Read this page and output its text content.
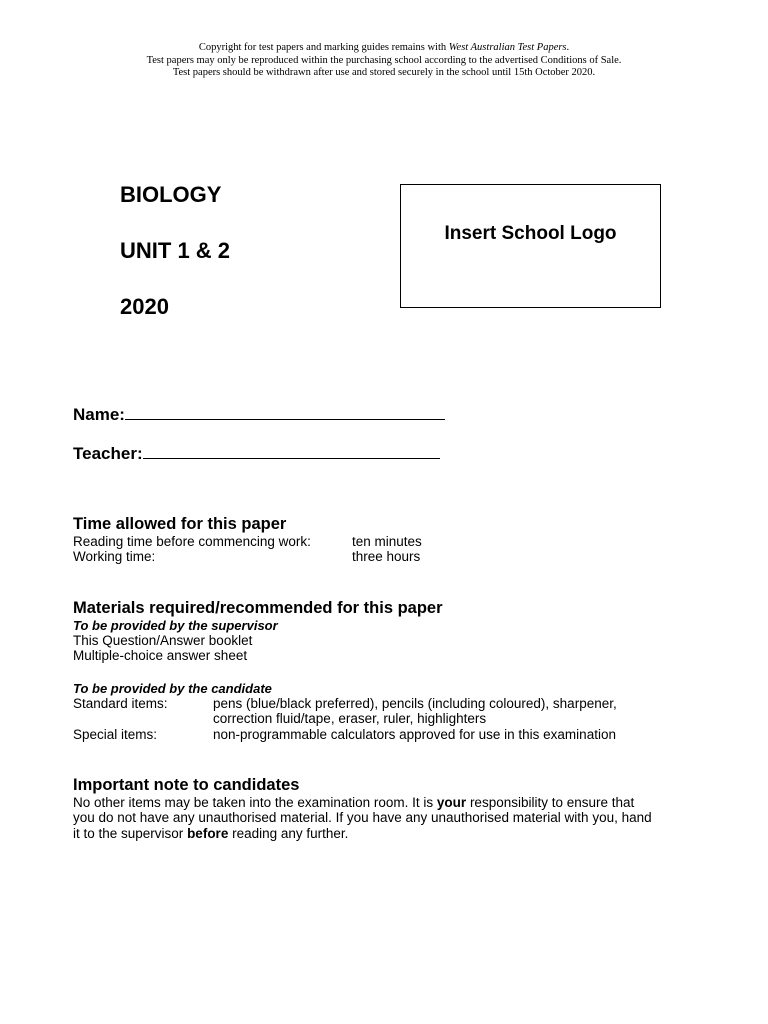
Copyright for test papers and marking guides remains with West Australian Test Papers.
Test papers may only be reproduced within the purchasing school according to the advertised Conditions of Sale.
Test papers should be withdrawn after use and stored securely in the school until 15th October 2020.
BIOLOGY
UNIT 1 & 2
2020
Insert School Logo
Name:
Teacher:
Time allowed for this paper
Reading time before commencing work:	ten minutes
Working time:	three hours
Materials required/recommended for this paper
To be provided by the supervisor
This Question/Answer booklet
Multiple-choice answer sheet
To be provided by the candidate
Standard items:	pens (blue/black preferred), pencils (including coloured), sharpener,
correction fluid/tape, eraser, ruler, highlighters
Special items:	non-programmable calculators approved for use in this examination
Important note to candidates
No other items may be taken into the examination room. It is your responsibility to ensure that
you do not have any unauthorised material. If you have any unauthorised material with you, hand
it to the supervisor before reading any further.
